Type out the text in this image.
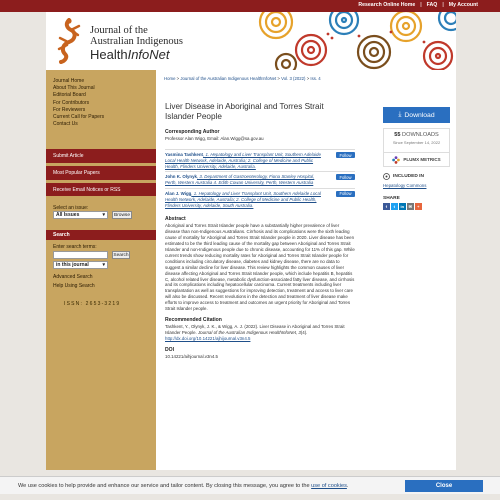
Research Online Home | FAQ | My Account
Journal of the
Australian Indigenous
HealthInfoNet
Journal Home
About This Journal
Editorial Board
For Contributors
For Reviewers
Current Call for Papers
Contact Us
Submit Article
Most Popular Papers
Receive Email Notices or RSS
Select an issue:
All Issues	▾	Browse
Search
Enter search terms:
Search
in this journal	▾
Advanced Search
Help Using Search
ISSN: 2653-3219
Home > Journal of the Australian Indigenous HealthInfoNet > Vol. 3 (2022) > Iss. 4
Liver Disease in Aboriginal and Torres Strait Islander People
Corresponding Author
Professor Alan Wigg, Email: Alan.Wigg@sa.gov.au
Yasmina Tashkent, 1. Hepatology and Liver Transplant Unit, Southern Adelaide Local Health Network, Adelaide, Australia; 2. College of Medicine and Public Health, Flinders University, Adelaide, Australia.
Follow
John K. Olynyk, 3. Department of Gastroenterology, Fiona Stanley Hospital, Perth, Western Australia 4. Edith Cowan University, Perth, Western Australia
Follow
Alan J. Wigg, 1. Hepatology and Liver Transplant Unit, Southern Adelaide Local Health Network, Adelaide, Australia; 2. College of Medicine and Public Health, Flinders University, Adelaide, South Australia.
Follow
Abstract
Aboriginal and Torres Strait Islander people have a substantially higher prevalence of liver disease than non-Indigenous Australians. Cirrhosis and its complications were the sixth leading cause of mortality for Aboriginal and Torres Strait Islander people in 2020. Liver disease has been estimated to be the third leading cause of the mortality gap between Aboriginal and Torres Strait Islander and non-Indigenous people due to chronic disease, accounting for 11% of this gap. While current trends show reducing mortality rates for Aboriginal and Torres Strait Islander people for conditions including circulatory disease, diabetes and kidney disease, there are no data to suggest a similar decline for liver disease. This review highlights the common causes of liver disease affecting Aboriginal and Torres Strait Islander people, which include hepatitis B, hepatitis C, alcohol related liver disease, metabolic dysfunction-associated fatty liver disease, and cirrhosis and its complications including hepatocellular carcinoma. Current treatments including liver transplantation as well as suggestions for improving detection, treatment and access to liver care will also be discussed. Recent revolutions in the detection and treatment of liver disease make efforts to improve access to treatment and outcomes an urgent priority for Aboriginal and Torres Strait Islander people.
Recommended Citation
Tashkent, Y., Olynyk, J. K., & Wigg, A. J. (2022). Liver Disease in Aboriginal and Torres Strait Islander People. Journal of the Australian Indigenous HealthInfoNet, 3(4).
http://dx.doi.org/10.14221/ajhijournal.v3n4.5
DOI
10.14221/aihjournal.v3n4.5
⤓ Download
55 DOWNLOADS
Since September 14, 2022
PLUMX METRICS
INCLUDED IN
Hepatology Commons
SHARE
f	t	in	✉	+
We use cookies to help provide and enhance our service and tailor content. By closing this message, you agree to the use of cookies.	Close
